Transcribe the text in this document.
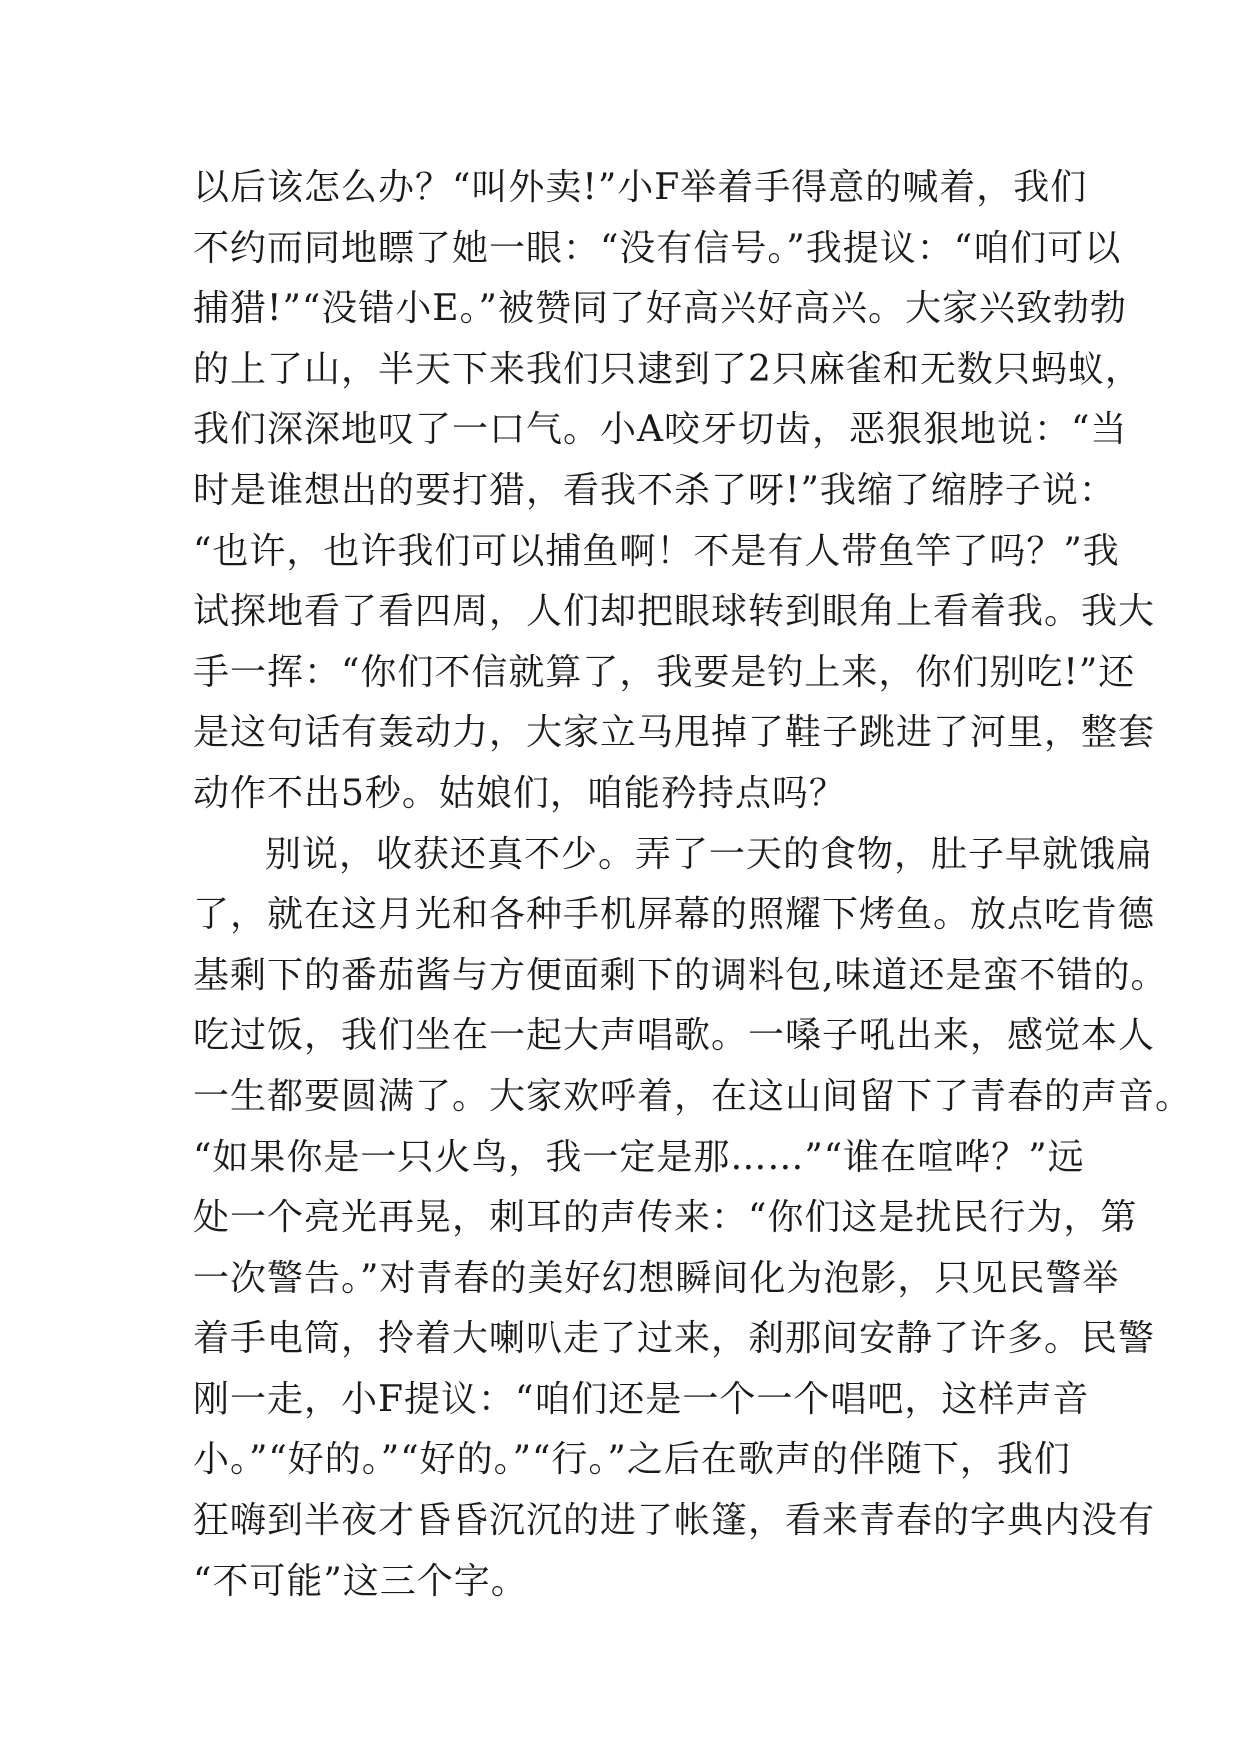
以后该怎么办？“叫外卖!”小F举着手得意的喊着，我们
不约而同地瞟了她一眼：“没有信号。”我提议：“咱们可以
捕猎!”“没错小E。”被赞同了好高兴好高兴。大家兴致勃勃
的上了山，半天下来我们只逮到了2只麻雀和无数只蚂蚁，
我们深深地叹了一口气。小A咬牙切齿，恶狠狠地说：“当
时是谁想出的要打猎，看我不杀了呀!”我缩了缩脖子说：
“也许，也许我们可以捕鱼啊！不是有人带鱼竿了吗？”我
试探地看了看四周，人们却把眼球转到眼角上看着我。我大
手一挥：“你们不信就算了，我要是钓上来，你们别吃!”还
是这句话有轰动力，大家立马甩掉了鞋子跳进了河里，整套
动作不出5秒。姑娘们，咱能矜持点吗？
别说，收获还真不少。弄了一天的食物，肚子早就饿扁
了，就在这月光和各种手机屏幕的照耀下烤鱼。放点吃肯德
基剩下的番茄酱与方便面剩下的调料包,味道还是蛮不错的。
吃过饭，我们坐在一起大声唱歌。一嗓子吼出来，感觉本人
一生都要圆满了。大家欢呼着，在这山间留下了青春的声音。
“如果你是一只火鸟，我一定是那……”“谁在喧哗？”远
处一个亮光再晃，刺耳的声传来：“你们这是扰民行为，第
一次警告。”对青春的美好幻想瞬间化为泡影，只见民警举
着手电筒，拎着大喇叭走了过来，刹那间安静了许多。民警
刚一走，小F提议：“咱们还是一个一个唱吧，这样声音
小。”“好的。”“好的。”“行。”之后在歌声的伴随下，我们
狂嗨到半夜才昏昏沉沉的进了帐篷，看来青春的字典内没有
“不可能”这三个字。
